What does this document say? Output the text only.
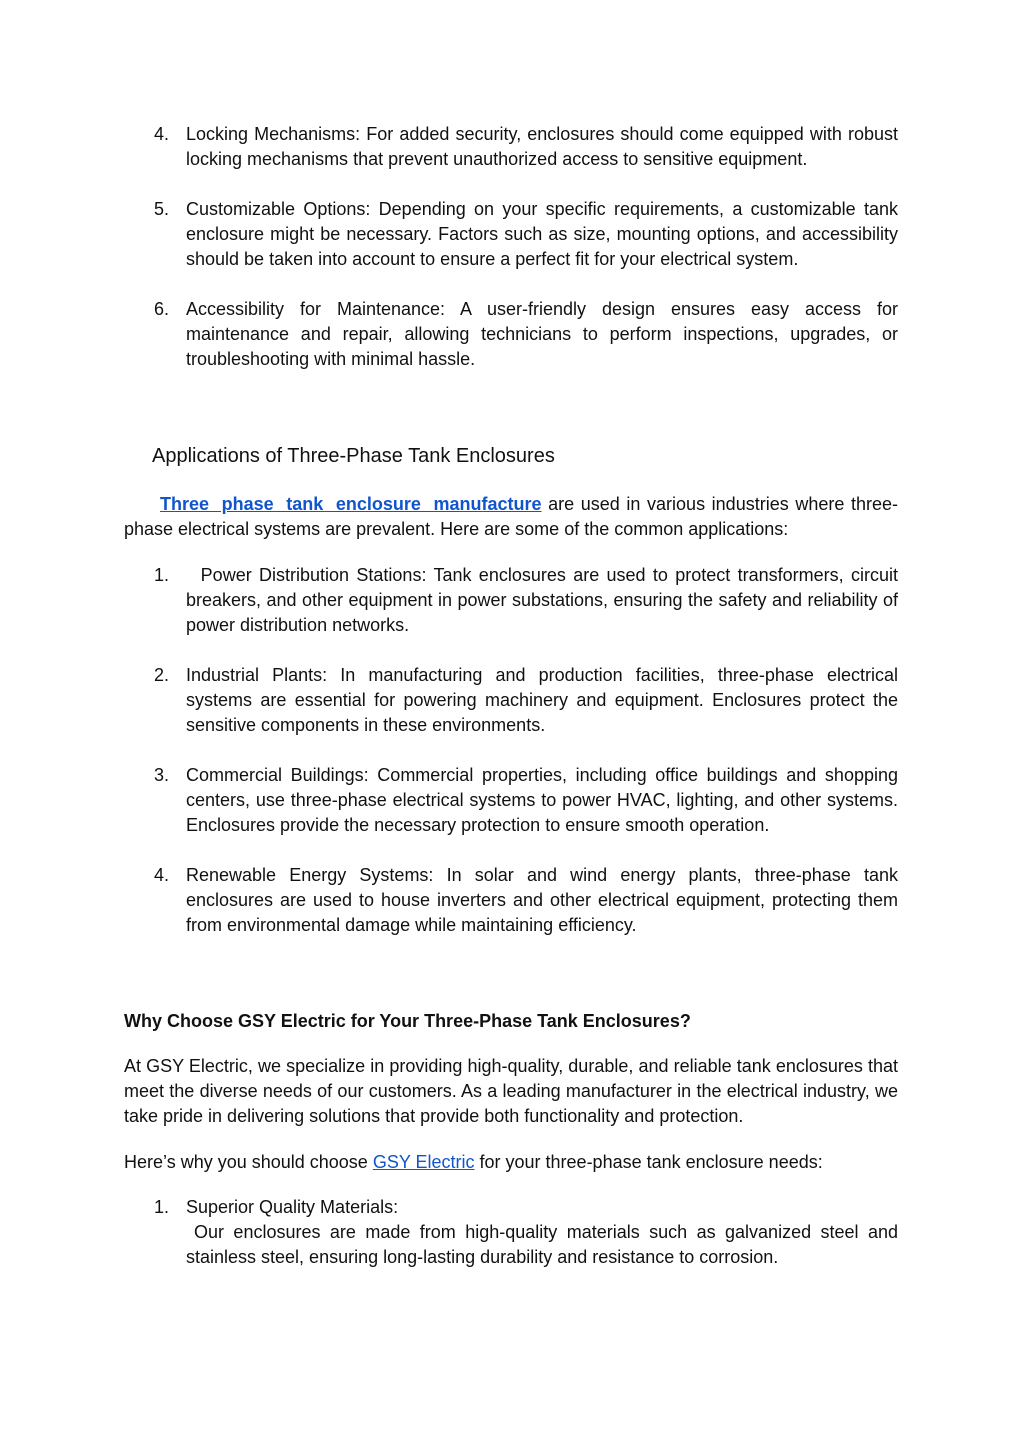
4. Locking Mechanisms: For added security, enclosures should come equipped with robust locking mechanisms that prevent unauthorized access to sensitive equipment.
5. Customizable Options: Depending on your specific requirements, a customizable tank enclosure might be necessary. Factors such as size, mounting options, and accessibility should be taken into account to ensure a perfect fit for your electrical system.
6. Accessibility for Maintenance: A user-friendly design ensures easy access for maintenance and repair, allowing technicians to perform inspections, upgrades, or troubleshooting with minimal hassle.
Applications of Three-Phase Tank Enclosures
Three phase tank enclosure manufacture are used in various industries where three-phase electrical systems are prevalent. Here are some of the common applications:
1. Power Distribution Stations: Tank enclosures are used to protect transformers, circuit breakers, and other equipment in power substations, ensuring the safety and reliability of power distribution networks.
2. Industrial Plants: In manufacturing and production facilities, three-phase electrical systems are essential for powering machinery and equipment. Enclosures protect the sensitive components in these environments.
3. Commercial Buildings: Commercial properties, including office buildings and shopping centers, use three-phase electrical systems to power HVAC, lighting, and other systems. Enclosures provide the necessary protection to ensure smooth operation.
4. Renewable Energy Systems: In solar and wind energy plants, three-phase tank enclosures are used to house inverters and other electrical equipment, protecting them from environmental damage while maintaining efficiency.
Why Choose GSY Electric for Your Three-Phase Tank Enclosures?
At GSY Electric, we specialize in providing high-quality, durable, and reliable tank enclosures that meet the diverse needs of our customers. As a leading manufacturer in the electrical industry, we take pride in delivering solutions that provide both functionality and protection.
Here’s why you should choose GSY Electric for your three-phase tank enclosure needs:
1. Superior Quality Materials:
Our enclosures are made from high-quality materials such as galvanized steel and stainless steel, ensuring long-lasting durability and resistance to corrosion.
